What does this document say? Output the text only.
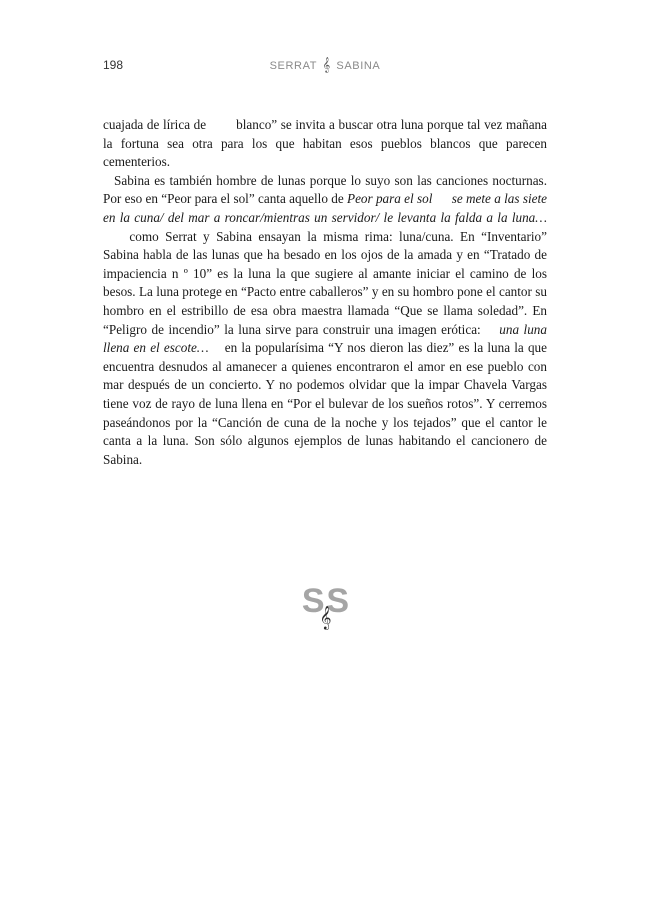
198	SERRAT 𝄞 SABINA

cuajada de lírica de blanco” se invita a buscar otra luna porque tal vez mañana la fortuna sea otra para los que habitan esos pueblos blancos que parecen cementerios.

Sabina es también hombre de lunas porque lo suyo son las canciones nocturnas. Por eso en “Peor para el sol” canta aquello de Peor para el sol se mete a las siete en la cuna/ del mar a roncar/mientras un servidor/ le levanta la falda a la luna… como Serrat y Sabina ensayan la misma rima: luna/cuna. En “Inventario” Sabina habla de las lunas que ha besado en los ojos de la amada y en “Tratado de impaciencia n º 10” es la luna la que sugiere al amante iniciar el camino de los besos. La luna protege en “Pacto entre caballeros” y en su hombro pone el cantor su hombro en el estribillo de esa obra maestra llamada “Que se llama soledad”. En “Peligro de incendio” la luna sirve para construir una imagen erótica: una luna llena en el escote… en la popularísima “Y nos dieron las diez” es la luna la que encuentra desnudos al amanecer a quienes encontraron el amor en ese pueblo con mar después de un concierto. Y no podemos olvidar que la impar Chavela Vargas tiene voz de rayo de luna llena en “Por el bulevar de los sueños rotos”. Y cerremos paseándonos por la “Canción de cuna de la noche y los tejados” que el cantor le canta a la luna. Son sólo algunos ejemplos de lunas habitando el cancionero de Sabina.

$S_𝄞S$
